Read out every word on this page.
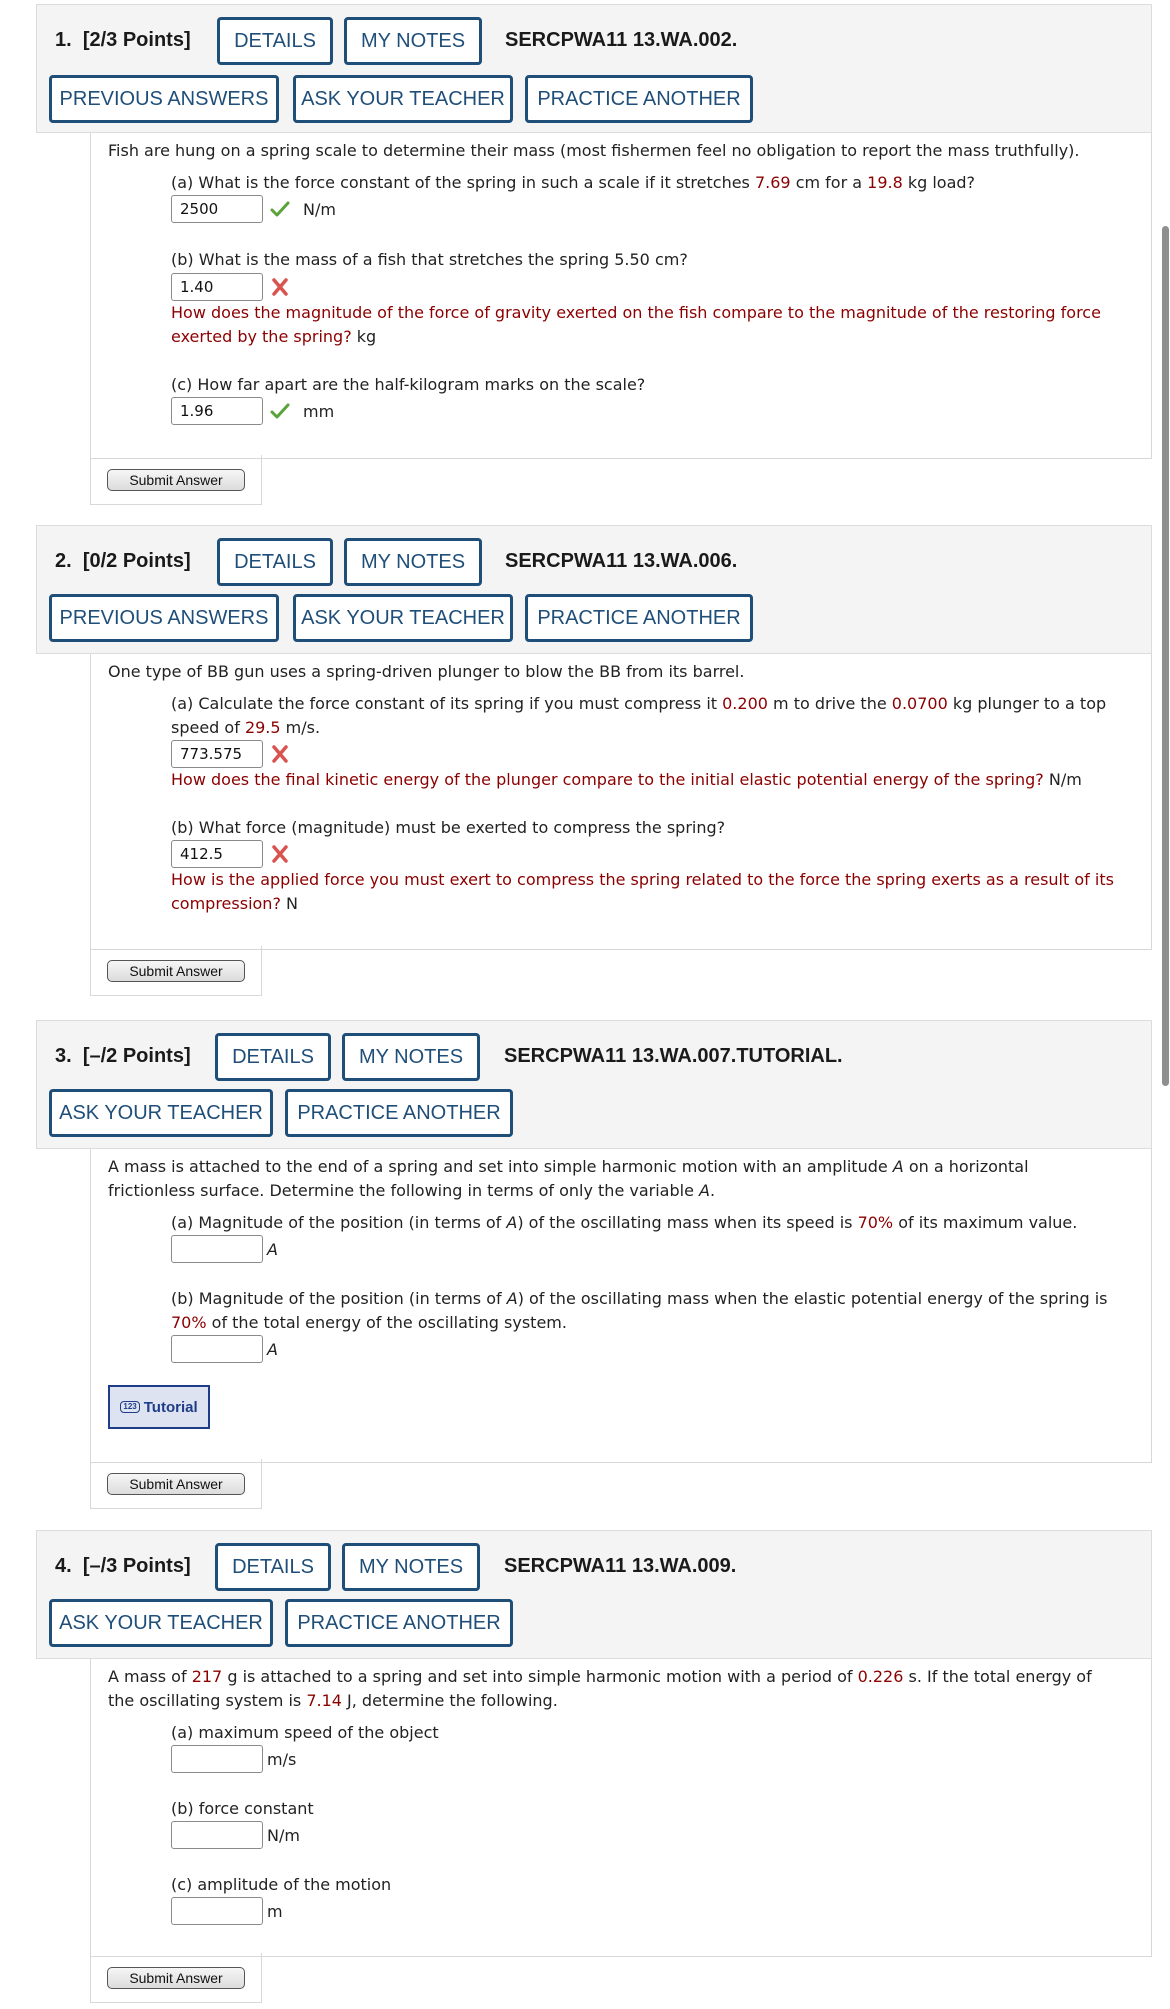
1. [2/3 Points]	DETAILS	MY NOTES	SERCPWA11 13.WA.002.
PREVIOUS ANSWERS	ASK YOUR TEACHER	PRACTICE ANOTHER
Fish are hung on a spring scale to determine their mass (most fishermen feel no obligation to report the mass truthfully).
(a) What is the force constant of the spring in such a scale if it stretches 7.69 cm for a 19.8 kg load?
2500	N/m
(b) What is the mass of a fish that stretches the spring 5.50 cm?
1.40
How does the magnitude of the force of gravity exerted on the fish compare to the magnitude of the restoring force exerted by the spring? kg
(c) How far apart are the half-kilogram marks on the scale?
1.96	mm
Submit Answer
2. [0/2 Points]	DETAILS	MY NOTES	SERCPWA11 13.WA.006.
PREVIOUS ANSWERS	ASK YOUR TEACHER	PRACTICE ANOTHER
One type of BB gun uses a spring-driven plunger to blow the BB from its barrel.
(a) Calculate the force constant of its spring if you must compress it 0.200 m to drive the 0.0700 kg plunger to a top speed of 29.5 m/s.
773.575
How does the final kinetic energy of the plunger compare to the initial elastic potential energy of the spring? N/m
(b) What force (magnitude) must be exerted to compress the spring?
412.5
How is the applied force you must exert to compress the spring related to the force the spring exerts as a result of its compression? N
Submit Answer
3. [–/2 Points]	DETAILS	MY NOTES	SERCPWA11 13.WA.007.TUTORIAL.
ASK YOUR TEACHER	PRACTICE ANOTHER
A mass is attached to the end of a spring and set into simple harmonic motion with an amplitude A on a horizontal frictionless surface. Determine the following in terms of only the variable A.
(a) Magnitude of the position (in terms of A) of the oscillating mass when its speed is 70% of its maximum value.
A
(b) Magnitude of the position (in terms of A) of the oscillating mass when the elastic potential energy of the spring is 70% of the total energy of the oscillating system.
A
123 Tutorial
Submit Answer
4. [–/3 Points]	DETAILS	MY NOTES	SERCPWA11 13.WA.009.
ASK YOUR TEACHER	PRACTICE ANOTHER
A mass of 217 g is attached to a spring and set into simple harmonic motion with a period of 0.226 s. If the total energy of the oscillating system is 7.14 J, determine the following.
(a) maximum speed of the object
m/s
(b) force constant
N/m
(c) amplitude of the motion
m
Submit Answer
